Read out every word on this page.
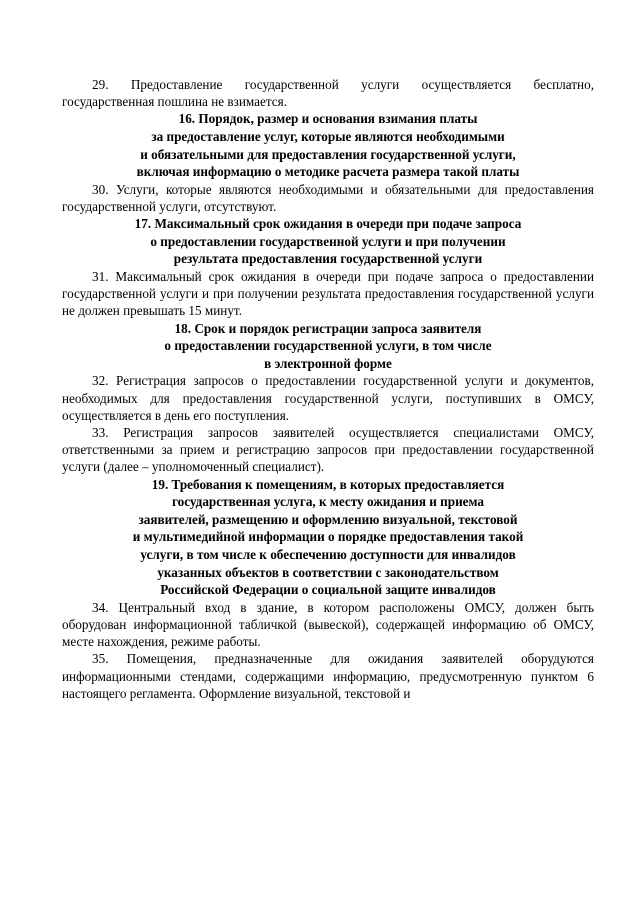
29. Предоставление государственной услуги осуществляется бесплатно, государственная пошлина не взимается.

16. Порядок, размер и основания взимания платы
за предоставление услуг, которые являются необходимыми
и обязательными для предоставления государственной услуги,
включая информацию о методике расчета размера такой платы

30. Услуги, которые являются необходимыми и обязательными для предоставления государственной услуги, отсутствуют.

17. Максимальный срок ожидания в очереди при подаче запроса
о предоставлении государственной услуги и при получении
результата предоставления государственной услуги

31. Максимальный срок ожидания в очереди при подаче запроса о предоставлении государственной услуги и при получении результата предоставления государственной услуги не должен превышать 15 минут.

18. Срок и порядок регистрации запроса заявителя
о предоставлении государственной услуги, в том числе
в электронной форме

32. Регистрация запросов о предоставлении государственной услуги и документов, необходимых для предоставления государственной услуги, поступивших в ОМСУ, осуществляется в день его поступления.

33. Регистрация запросов заявителей осуществляется специалистами ОМСУ, ответственными за прием и регистрацию запросов при предоставлении государственной услуги (далее – уполномоченный специалист).

19. Требования к помещениям, в которых предоставляется
государственная услуга, к месту ожидания и приема
заявителей, размещению и оформлению визуальной, текстовой
и мультимедийной информации о порядке предоставления такой
услуги, в том числе к обеспечению доступности для инвалидов
указанных объектов в соответствии с законодательством
Российской Федерации о социальной защите инвалидов

34. Центральный вход в здание, в котором расположены ОМСУ, должен быть оборудован информационной табличкой (вывеской), содержащей информацию об ОМСУ, месте нахождения, режиме работы.

35. Помещения, предназначенные для ожидания заявителей оборудуются информационными стендами, содержащими информацию, предусмотренную пунктом 6 настоящего регламента. Оформление визуальной, текстовой и
